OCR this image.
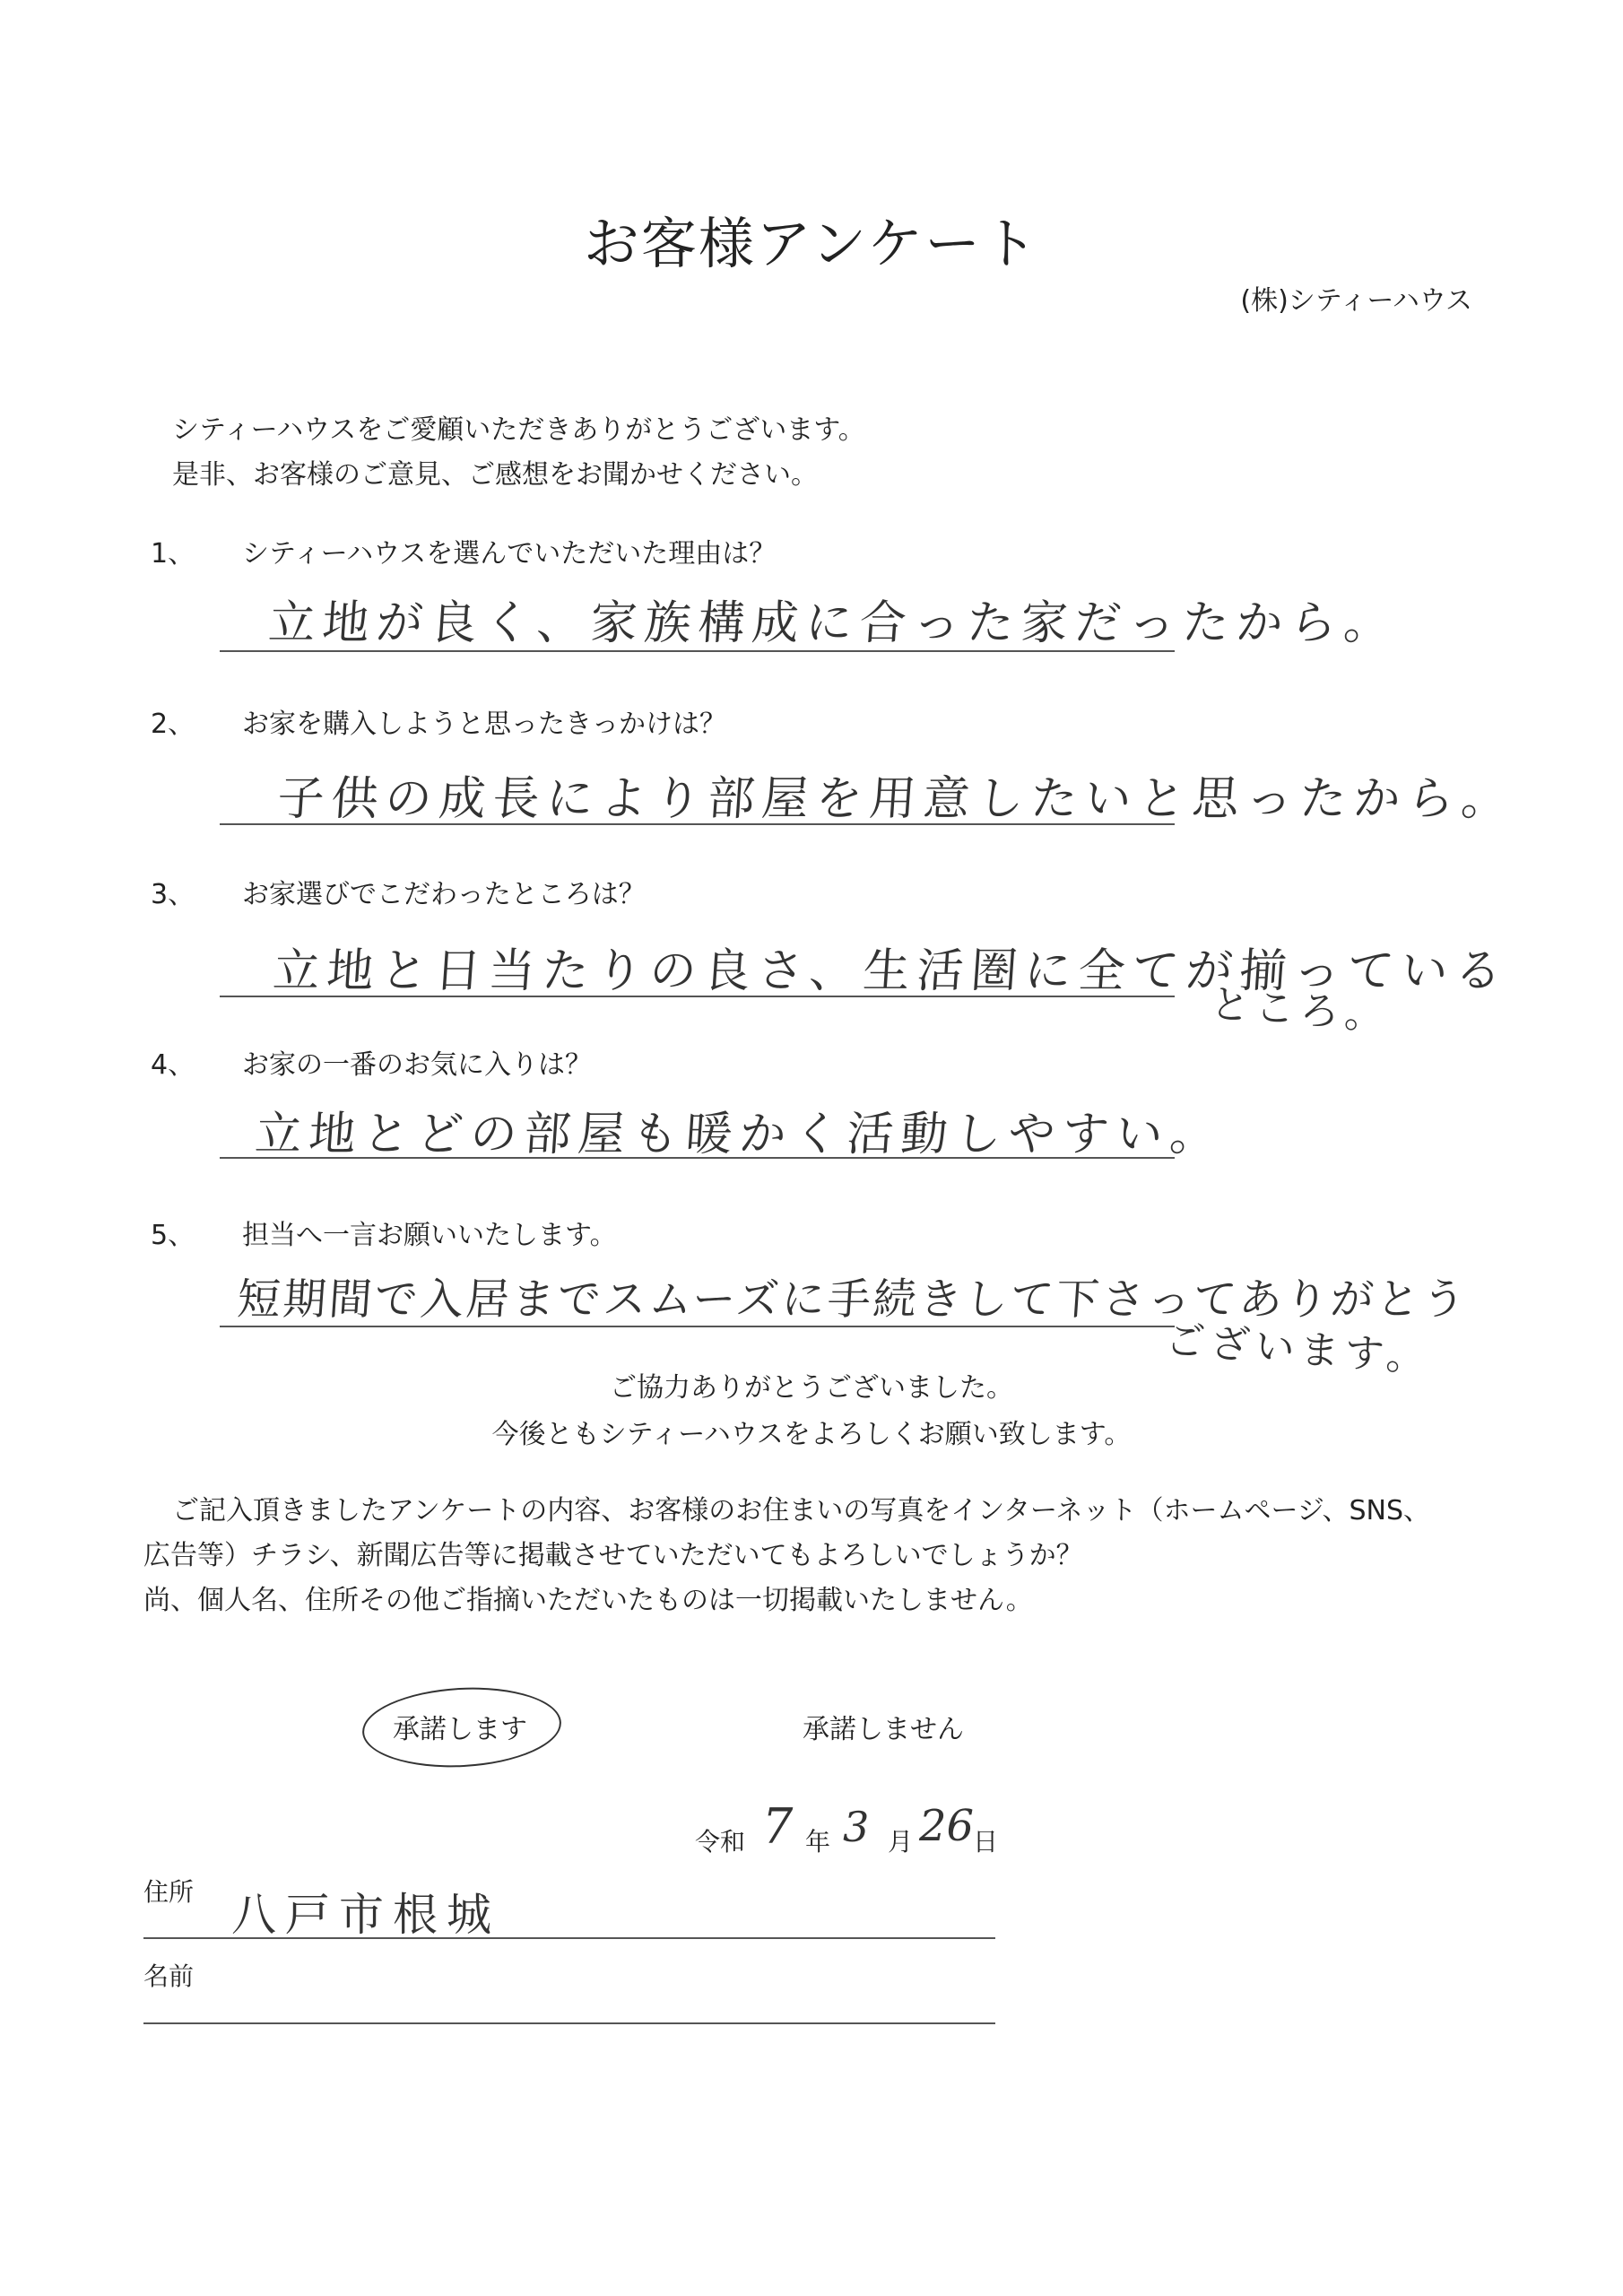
お客様アンケート
(株)シティーハウス
シティーハウスをご愛顧いただきありがとうございます。
是非、お客様のご意見、ご感想をお聞かせください。
1、 シティーハウスを選んでいただいた理由は？
立地が良く、家族構成に合った家だったから。
2、 お家を購入しようと思ったきっかけは？
子供の成長により部屋を用意したいと思ったから。
3、 お家選びでこだわったところは？
立地と日当たりの良さ、生活圏に全てが揃っている
ところ。
4、 お家の一番のお気に入りは？
立地とどの部屋も暖かく活動しやすい。
5、 担当へ一言お願いいたします。
短期間で入居までスムーズに手続きして下さってありがとう
ございます。
ご協力ありがとうございました。
今後ともシティーハウスをよろしくお願い致します。
ご記入頂きましたアンケートの内容、お客様のお住まいの写真をインターネット（ホームページ、SNS、
広告等）チラシ、新聞広告等に掲載させていただいてもよろしいでしょうか？
尚、個人名、住所その他ご指摘いただいたものは一切掲載いたしません。
承諾します	承諾しません
令和 7 年 3 月 26
日
住所 八戸市根城
名前
